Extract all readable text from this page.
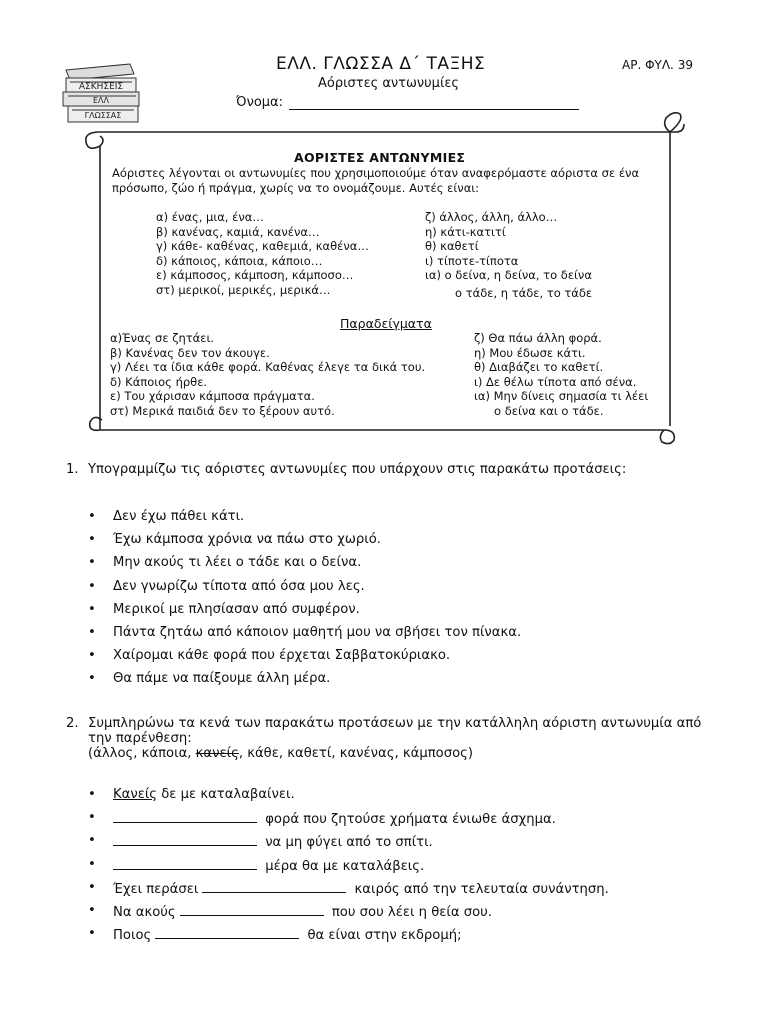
ΑΣΚΗΣΕΙΣ
ΕΛΛ
ΓΛΩΣΣΑΣ
ΕΛΛ. ΓΛΩΣΣΑ Δ΄ ΤΑΞΗΣ	ΑΡ. ΦΥΛ. 39
Αόριστες αντωνυμίες
Όνομα:
ΑΟΡΙΣΤΕΣ ΑΝΤΩΝΥΜΙΕΣ
Αόριστες λέγονται οι αντωνυμίες που χρησιμοποιούμε όταν αναφερόμαστε αόριστα σε ένα πρόσωπο, ζώο ή πράγμα, χωρίς να το ονομάζουμε. Αυτές είναι:
α) ένας, μια, ένα…
β) κανένας, καμιά, κανένα…
γ) κάθε- καθένας, καθεμιά, καθένα…
δ) κάποιος, κάποια, κάποιο…
ε) κάμποσος, κάμποση, κάμποσο…
στ) μερικοί, μερικές, μερικά…
ζ) άλλος, άλλη, άλλο…
η) κάτι-κατιτί
θ) καθετί
ι) τίποτε-τίποτα
ια) ο δείνα, η δείνα, το δείνα
ο τάδε, η τάδε, το τάδε
Παραδείγματα
α)Ένας σε ζητάει.
β) Κανένας δεν τον άκουγε.
γ) Λέει τα ίδια κάθε φορά. Καθένας έλεγε τα δικά του.
δ) Κάποιος ήρθε.
ε) Του χάρισαν κάμποσα πράγματα.
στ) Μερικά παιδιά δεν το ξέρουν αυτό.
ζ) Θα πάω άλλη φορά.
η) Μου έδωσε κάτι.
θ) Διαβάζει το καθετί.
ι) Δε θέλω τίποτα από σένα.
ια) Μην δίνεις σημασία τι λέει
ο δείνα και ο τάδε.
1. Υπογραμμίζω τις αόριστες αντωνυμίες που υπάρχουν στις παρακάτω προτάσεις:
• Δεν έχω πάθει κάτι.
• Έχω κάμποσα χρόνια να πάω στο χωριό.
• Μην ακούς τι λέει ο τάδε και ο δείνα.
• Δεν γνωρίζω τίποτα από όσα μου λες.
• Μερικοί με πλησίασαν από συμφέρον.
• Πάντα ζητάω από κάποιον μαθητή μου να σβήσει τον πίνακα.
• Χαίρομαι κάθε φορά που έρχεται Σαββατοκύριακο.
• Θα πάμε να παίξουμε άλλη μέρα.
2. Συμπληρώνω τα κενά των παρακάτω προτάσεων με την κατάλληλη αόριστη αντωνυμία από την παρένθεση:
(άλλος, κάποια, κανείς, κάθε, καθετί, κανένας, κάμποσος)
• Κανείς δε με καταλαβαίνει.
• φορά που ζητούσε χρήματα ένιωθε άσχημα.
• να μη φύγει από το σπίτι.
• μέρα θα με καταλάβεις.
• Έχει περάσει	καιρός από την τελευταία συνάντηση.
• Να ακούς	που σου λέει η θεία σου.
• Ποιος	θα είναι στην εκδρομή;
